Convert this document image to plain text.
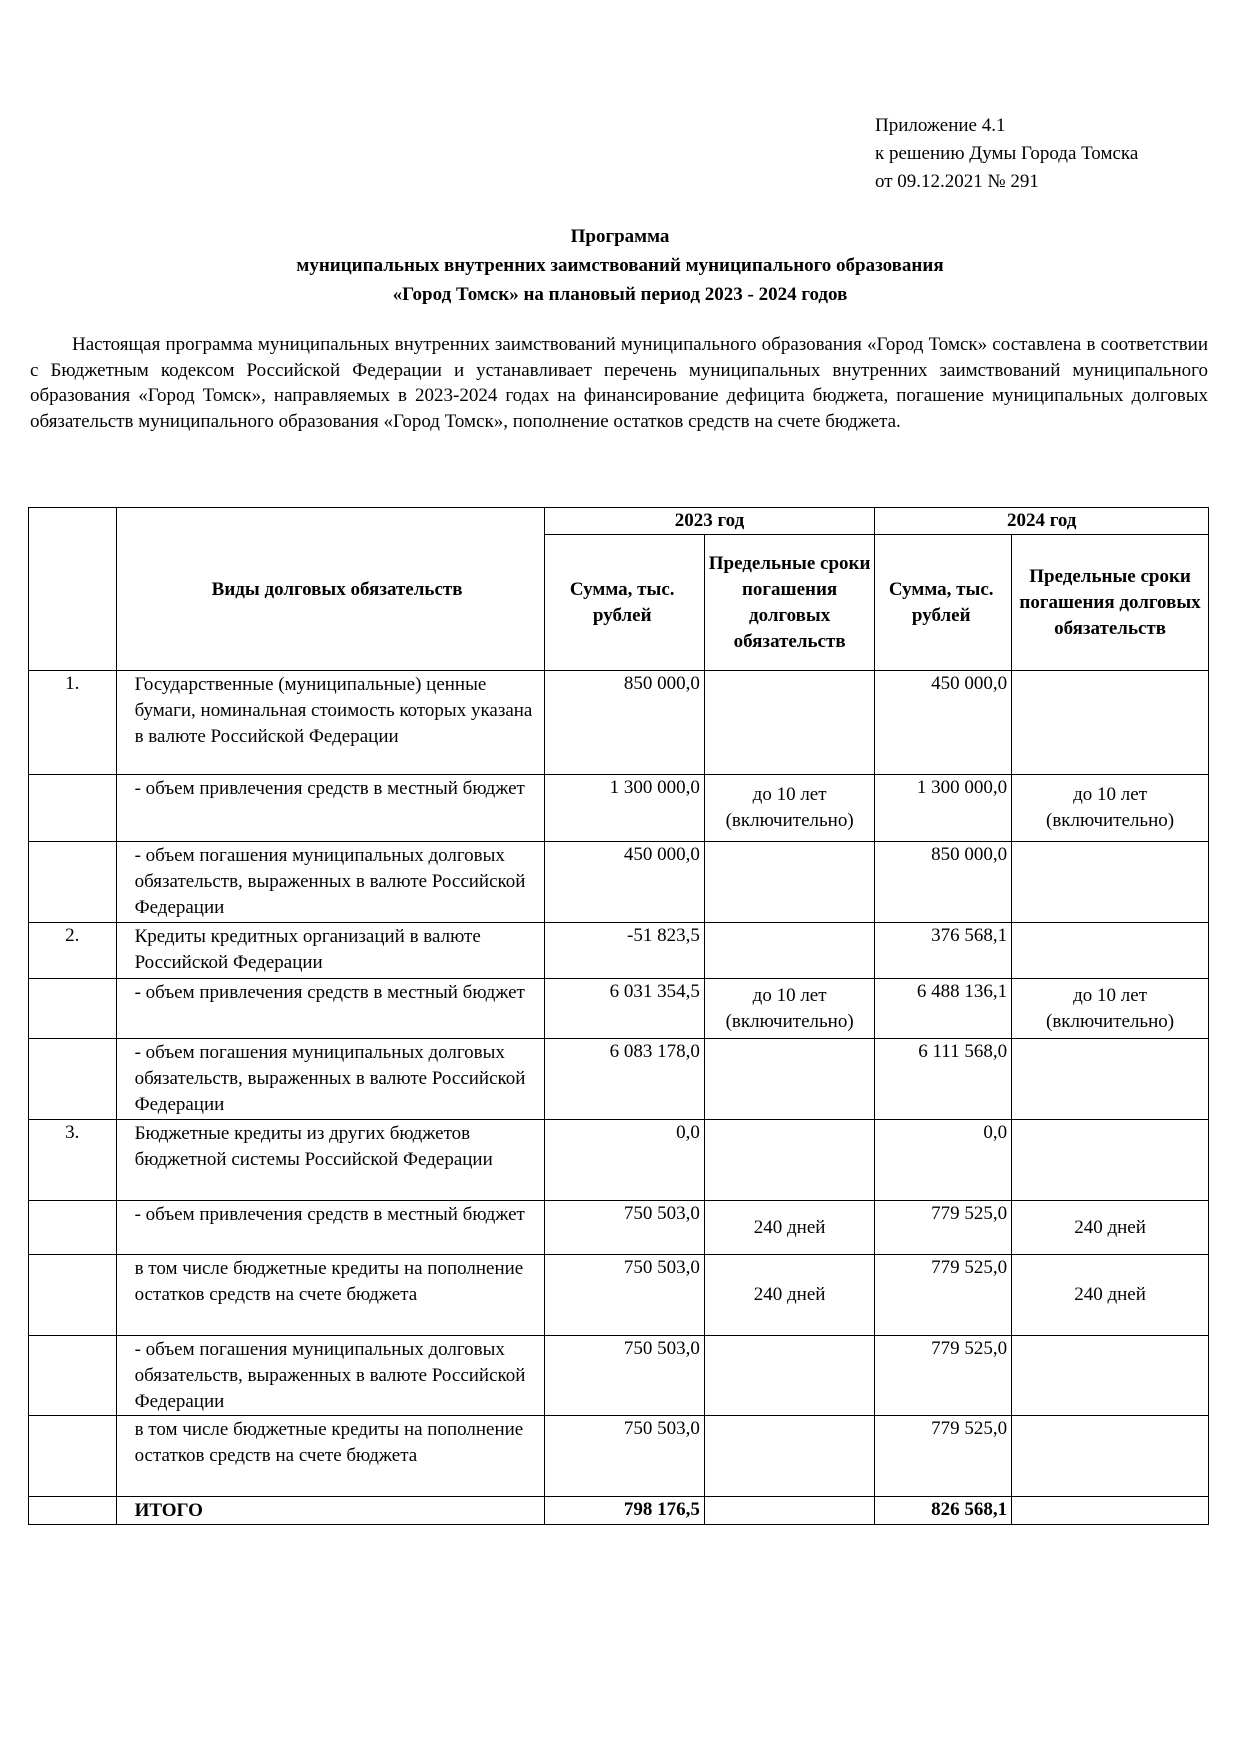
Приложение 4.1
к решению Думы Города Томска
от 09.12.2021 № 291
Программа
муниципальных внутренних заимствований муниципального образования
«Город Томск» на плановый период 2023 - 2024 годов

Настоящая программа муниципальных внутренних заимствований муниципального образования «Город Томск» составлена в соответствии с Бюджетным кодексом Российской Федерации и устанавливает перечень муниципальных внутренних заимствований муниципального образования «Город Томск», направляемых в 2023-2024 годах на финансирование дефицита бюджета, погашение муниципальных долговых обязательств муниципального образования «Город Томск», пополнение остатков средств на счете бюджета.

	Виды долговых обязательств	2023 год		2024 год	
		Сумма, тыс. рублей	Предельные сроки погашения долговых обязательств	Сумма, тыс. рублей	Предельные сроки погашения долговых обязательств
1.	Государственные (муниципальные) ценные бумаги, номинальная стоимость которых указана в валюте Российской Федерации	850 000,0		450 000,0	
	- объем привлечения средств в местный бюджет	1 300 000,0	до 10 лет (включительно)	1 300 000,0	до 10 лет (включительно)
	- объем погашения муниципальных долговых обязательств, выраженных в валюте Российской Федерации	450 000,0		850 000,0	
2.	Кредиты кредитных организаций в валюте Российской Федерации	-51 823,5		376 568,1	
	- объем привлечения средств в местный бюджет	6 031 354,5	до 10 лет (включительно)	6 488 136,1	до 10 лет (включительно)
	- объем погашения муниципальных долговых обязательств, выраженных в валюте Российской Федерации	6 083 178,0		6 111 568,0	
3.	Бюджетные кредиты из других бюджетов бюджетной системы Российской Федерации	0,0		0,0	
	- объем привлечения средств в местный бюджет	750 503,0	240 дней	779 525,0	240 дней
	в том числе бюджетные кредиты на пополнение остатков средств на счете бюджета	750 503,0	240 дней	779 525,0	240 дней
	- объем погашения муниципальных долговых обязательств, выраженных в валюте Российской Федерации	750 503,0		779 525,0	
	в том числе бюджетные кредиты на пополнение остатков средств на счете бюджета	750 503,0		779 525,0	
	ИТОГО	798 176,5		826 568,1	
